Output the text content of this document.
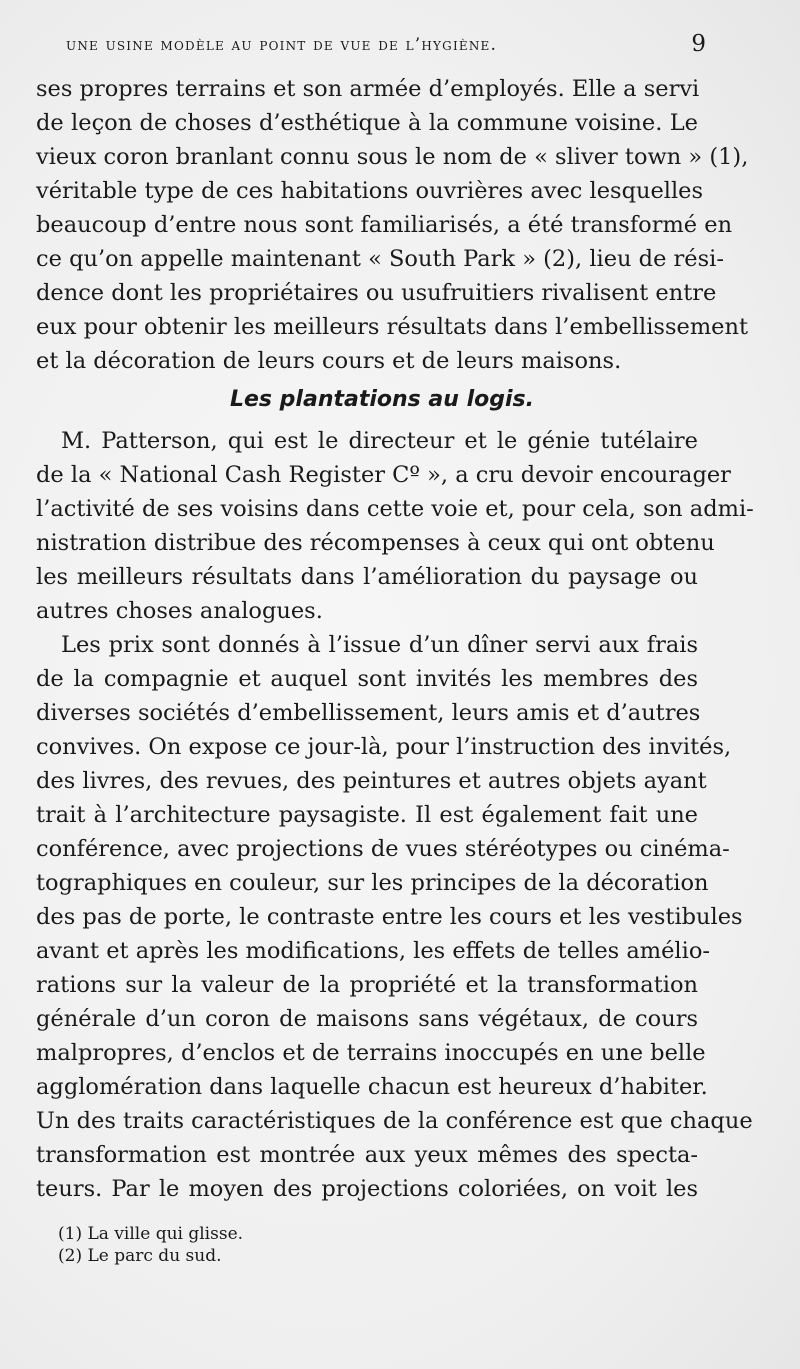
une usine modèle au point de vue de l’hygiène.	9
ses propres terrains et son armée d’employés. Elle a servi
de leçon de choses d’esthétique à la commune voisine. Le
vieux coron branlant connu sous le nom de « sliver town » (1),
véritable type de ces habitations ouvrières avec lesquelles
beaucoup d’entre nous sont familiarisés, a été transformé en
ce qu’on appelle maintenant « South Park » (2), lieu de rési-
dence dont les propriétaires ou usufruitiers rivalisent entre
eux pour obtenir les meilleurs résultats dans l’embellissement
et la décoration de leurs cours et de leurs maisons.
Les plantations au logis.
M. Patterson, qui est le directeur et le génie tutélaire
de la « National Cash Register Cº », a cru devoir encourager
l’activité de ses voisins dans cette voie et, pour cela, son admi-
nistration distribue des récompenses à ceux qui ont obtenu
les meilleurs résultats dans l’amélioration du paysage ou
autres choses analogues.
Les prix sont donnés à l’issue d’un dîner servi aux frais
de la compagnie et auquel sont invités les membres des
diverses sociétés d’embellissement, leurs amis et d’autres
convives. On expose ce jour-là, pour l’instruction des invités,
des livres, des revues, des peintures et autres objets ayant
trait à l’architecture paysagiste. Il est également fait une
conférence, avec projections de vues stéréotypes ou cinéma-
tographiques en couleur, sur les principes de la décoration
des pas de porte, le contraste entre les cours et les vestibules
avant et après les modifications, les effets de telles amélio-
rations sur la valeur de la propriété et la transformation
générale d’un coron de maisons sans végétaux, de cours
malpropres, d’enclos et de terrains inoccupés en une belle
agglomération dans laquelle chacun est heureux d’habiter.
Un des traits caractéristiques de la conférence est que chaque
transformation est montrée aux yeux mêmes des specta-
teurs. Par le moyen des projections coloriées, on voit les
(1) La ville qui glisse.
(2) Le parc du sud.
